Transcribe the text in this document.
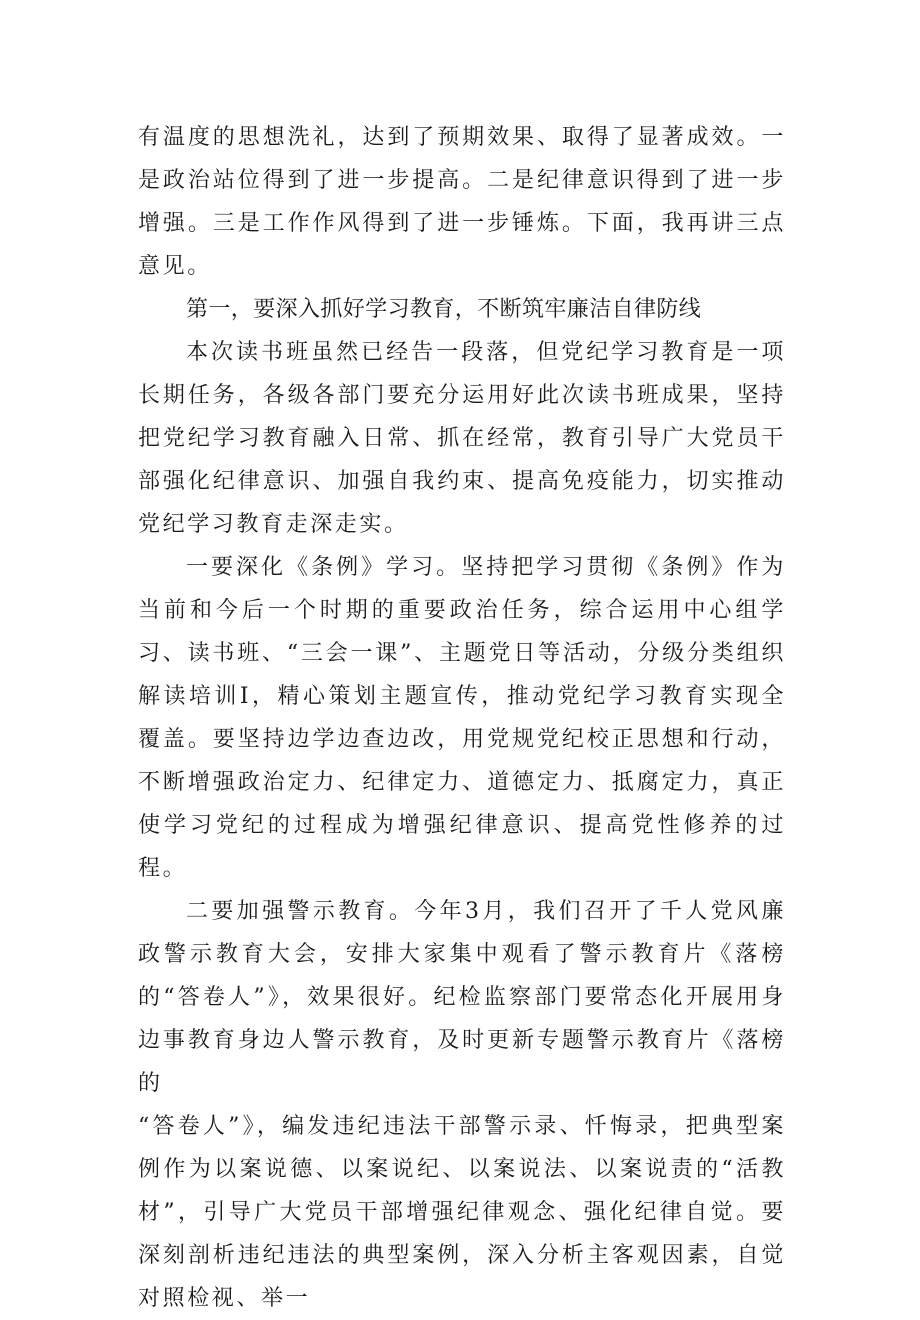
有温度的思想洗礼，达到了预期效果、取得了显著成效。一是政治站位得到了进一步提高。二是纪律意识得到了进一步增强。三是工作作风得到了进一步锤炼。下面，我再讲三点意见。

第一，要深入抓好学习教育，不断筑牢廉洁自律防线

本次读书班虽然已经告一段落，但党纪学习教育是一项长期任务，各级各部门要充分运用好此次读书班成果，坚持把党纪学习教育融入日常、抓在经常，教育引导广大党员干部强化纪律意识、加强自我约束、提高免疫能力，切实推动党纪学习教育走深走实。

一要深化《条例》学习。坚持把学习贯彻《条例》作为当前和今后一个时期的重要政治任务，综合运用中心组学习、读书班、“三会一课”、主题党日等活动，分级分类组织解读培训I，精心策划主题宣传，推动党纪学习教育实现全覆盖。要坚持边学边查边改，用党规党纪校正思想和行动，不断增强政治定力、纪律定力、道德定力、抵腐定力，真正使学习党纪的过程成为增强纪律意识、提高党性修养的过程。

二要加强警示教育。今年3月，我们召开了千人党风廉政警示教育大会，安排大家集中观看了警示教育片《落榜的“答卷人”》，效果很好。纪检监察部门要常态化开展用身边事教育身边人警示教育，及时更新专题警示教育片《落榜的

“答卷人”》，编发违纪违法干部警示录、忏悔录，把典型案例作为以案说德、以案说纪、以案说法、以案说责的“活教材”，引导广大党员干部增强纪律观念、强化纪律自觉。要深刻剖析违纪违法的典型案例，深入分析主客观因素，自觉对照检视、举一
